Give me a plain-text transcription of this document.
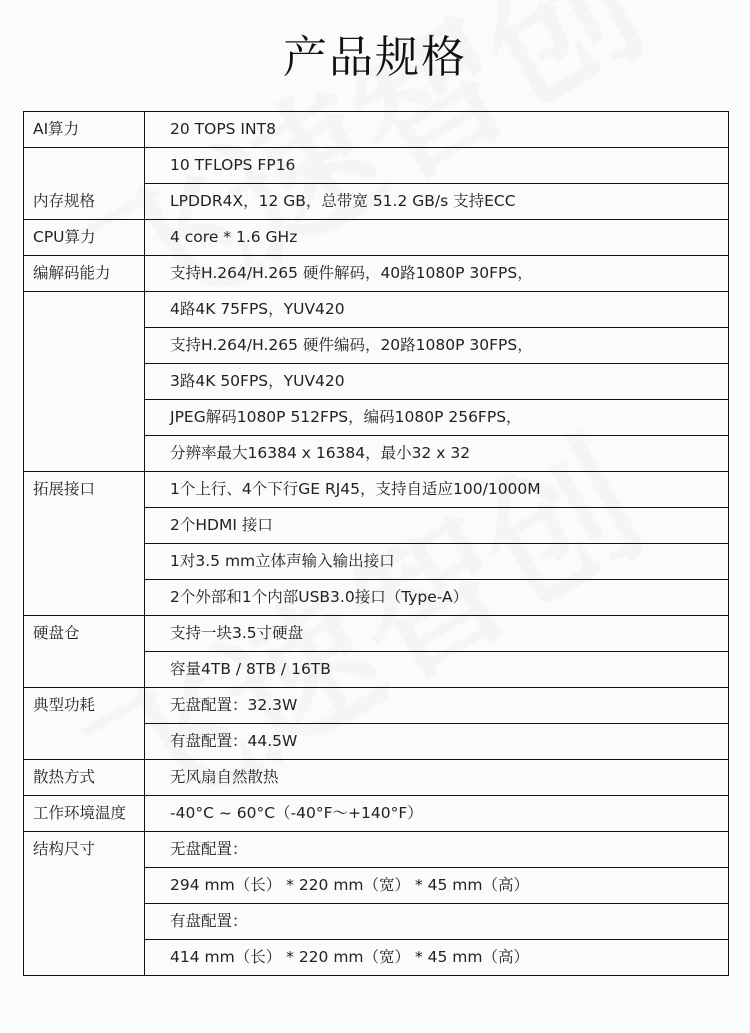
产品规格
AI算力	20 TOPS INT8
内存规格	10 TFLOPS FP16
	LPDDR4X，12 GB，总带宽 51.2 GB/s 支持ECC
CPU算力	4 core * 1.6 GHz
编解码能力	支持H.264/H.265 硬件解码，40路1080P 30FPS，
	4路4K 75FPS，YUV420
	支持H.264/H.265 硬件编码，20路1080P 30FPS，
	3路4K 50FPS，YUV420
	JPEG解码1080P 512FPS，编码1080P 256FPS，
	分辨率最大16384 x 16384，最小32 x 32
拓展接口	1个上行、4个下行GE RJ45，支持自适应100/1000M
	2个HDMI 接口
	1对3.5 mm立体声输入输出接口
	2个外部和1个内部USB3.0接口（Type-A）
硬盘仓	支持一块3.5寸硬盘
	容量4TB / 8TB / 16TB
典型功耗	无盘配置：32.3W
	有盘配置：44.5W
散热方式	无风扇自然散热
工作环境温度	-40°C ~ 60°C（-40°F～+140°F）
结构尺寸	无盘配置：
	294 mm（长） * 220 mm（宽） * 45 mm（高）
	有盘配置：
	414 mm（长） * 220 mm（宽） * 45 mm（高）
